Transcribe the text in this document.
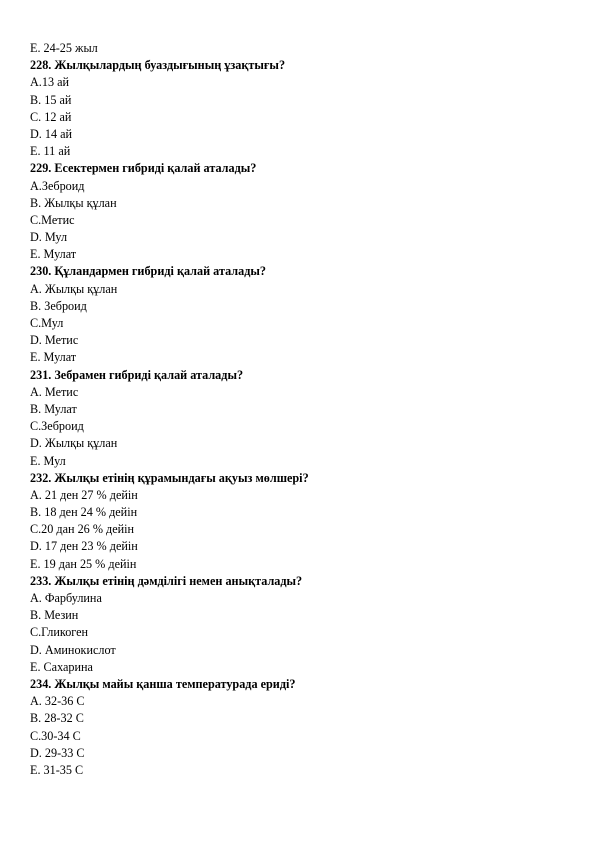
E. 24-25 жыл
228. Жылқылардың буаздығының ұзақтығы?
A.13 ай
B. 15 ай
C. 12 ай
D. 14 ай
E. 11 ай
229. Есектермен гибриді қалай аталады?
A.Зеброид
B. Жылқы құлан
C.Метис
D. Мул
E. Мулат
230. Құландармен гибриді қалай аталады?
A. Жылқы құлан
B. Зеброид
C.Мул
D. Метис
E. Мулат
231. Зебрамен гибриді қалай аталады?
A. Метис
B. Мулат
C.Зеброид
D. Жылқы құлан
E. Мул
232. Жылқы етінің құрамындағы ақуыз мөлшері?
A. 21 ден 27 % дейін
B. 18 ден 24 % дейін
C.20 дан 26 % дейін
D. 17 ден 23 % дейін
E. 19 дан 25 % дейін
233. Жылқы етінің дәмділігі немен анықталады?
A. Фарбулина
B. Мезин
C.Гликоген
D. Аминокислот
E. Сахарина
234. Жылқы майы қанша температурада ериді?
A. 32-36 С
B. 28-32 С
C.30-34 С
D. 29-33 С
E. 31-35 С
